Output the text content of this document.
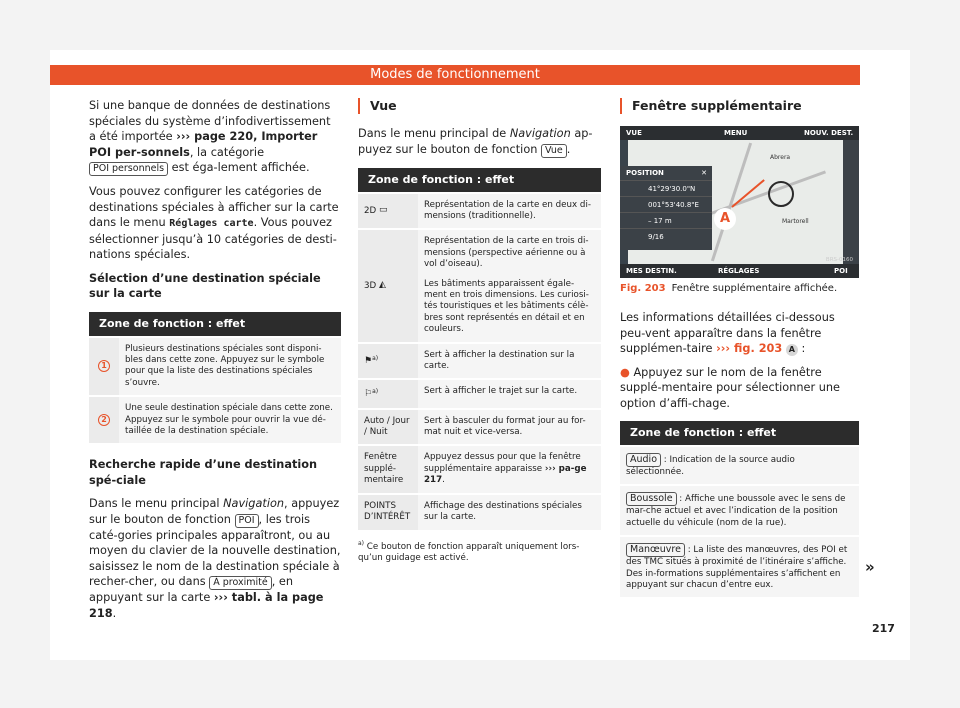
Modes de fonctionnement

Si une banque de données de destinations spéciales du système d’infodivertissement a été importée ››› page 220, Importer POI per-sonnels, la catégorie POI personnels est éga-lement affichée.

Vous pouvez configurer les catégories de destinations spéciales à afficher sur la carte dans le menu Réglages carte. Vous pouvez sélectionner jusqu’à 10 catégories de desti-nations spéciales.

Sélection d’une destination spéciale sur la carte
Zone de fonction : effet	
1	Plusieurs destinations spéciales sont disponi-bles dans cette zone. Appuyez sur le symbole pour que la liste des destinations spéciales s’ouvre.
2	Une seule destination spéciale dans cette zone. Appuyez sur le symbole pour ouvrir la vue dé-taillée de la destination spéciale.
Recherche rapide d’une destination spé-ciale

Dans le menu principal Navigation, appuyez sur le bouton de fonction POI , les trois caté-gories principales apparaîtront, ou au moyen du clavier de la nouvelle destination, saisissez le nom de la destination spéciale à recher-cher, ou dans À proximité , en appuyant sur la carte ››› tabl. à la page 218.

Vue

Dans le menu principal de Navigation ap-puyez sur le bouton de fonction Vue .

Zone de fonction : effet	
2D ▭	Représentation de la carte en deux di-mensions (traditionnelle).
3D ◭	Représentation de la carte en trois di-mensions (perspective aérienne ou à vol d’oiseau).
Les bâtiments apparaissent égale-ment en trois dimensions. Les curiosi-tés touristiques et les bâtiments célè-bres sont représentés en détail et en couleurs.

⚑$^{a)}$	Sert à afficher la destination sur la carte.
⚐$^{a)}$	Sert à afficher le trajet sur la carte.
Auto / Jour / Nuit	Sert à basculer du format jour au for-mat nuit et vice-versa.
Fenêtre supplé-mentaire	Appuyez dessus pour que la fenêtre supplémentaire apparaisse ››› pa-ge 217.
POINTS D’INTÉRÊT	Affichage des destinations spéciales sur la carte.
$^{a)}$ Ce bouton de fonction apparaît uniquement lors-qu’un guidage est activé.
Fenêtre supplémentaire
Abrera
Martorell
VUE	MENU	NOUV. DEST.
POSITION	✕
41°29'30.0"N
001°53'40.8"E
– 17 m
9/16
A
MES DESTIN.	RÉGLAGES	POI
BRS-0160
Fig. 203 Fenêtre supplémentaire affichée.

Les informations détaillées ci-dessous peu-vent apparaître dans la fenêtre supplémen-taire ››› fig. 203 A :

● Appuyez sur le nom de la fenêtre supplé-mentaire pour sélectionner une option d’affi-chage.

Zone de fonction : effet
Audio : Indication de la source audio sélectionnée.
Boussole : Affiche une boussole avec le sens de mar-che actuel et avec l’indication de la position actuelle du véhicule (nom de la rue).
Manœuvre : La liste des manœuvres, des POI et des TMC situés à proximité de l’itinéraire s’affiche. Des in-formations supplémentaires s’affichent en appuyant sur chacun d’entre eux.
»
217
